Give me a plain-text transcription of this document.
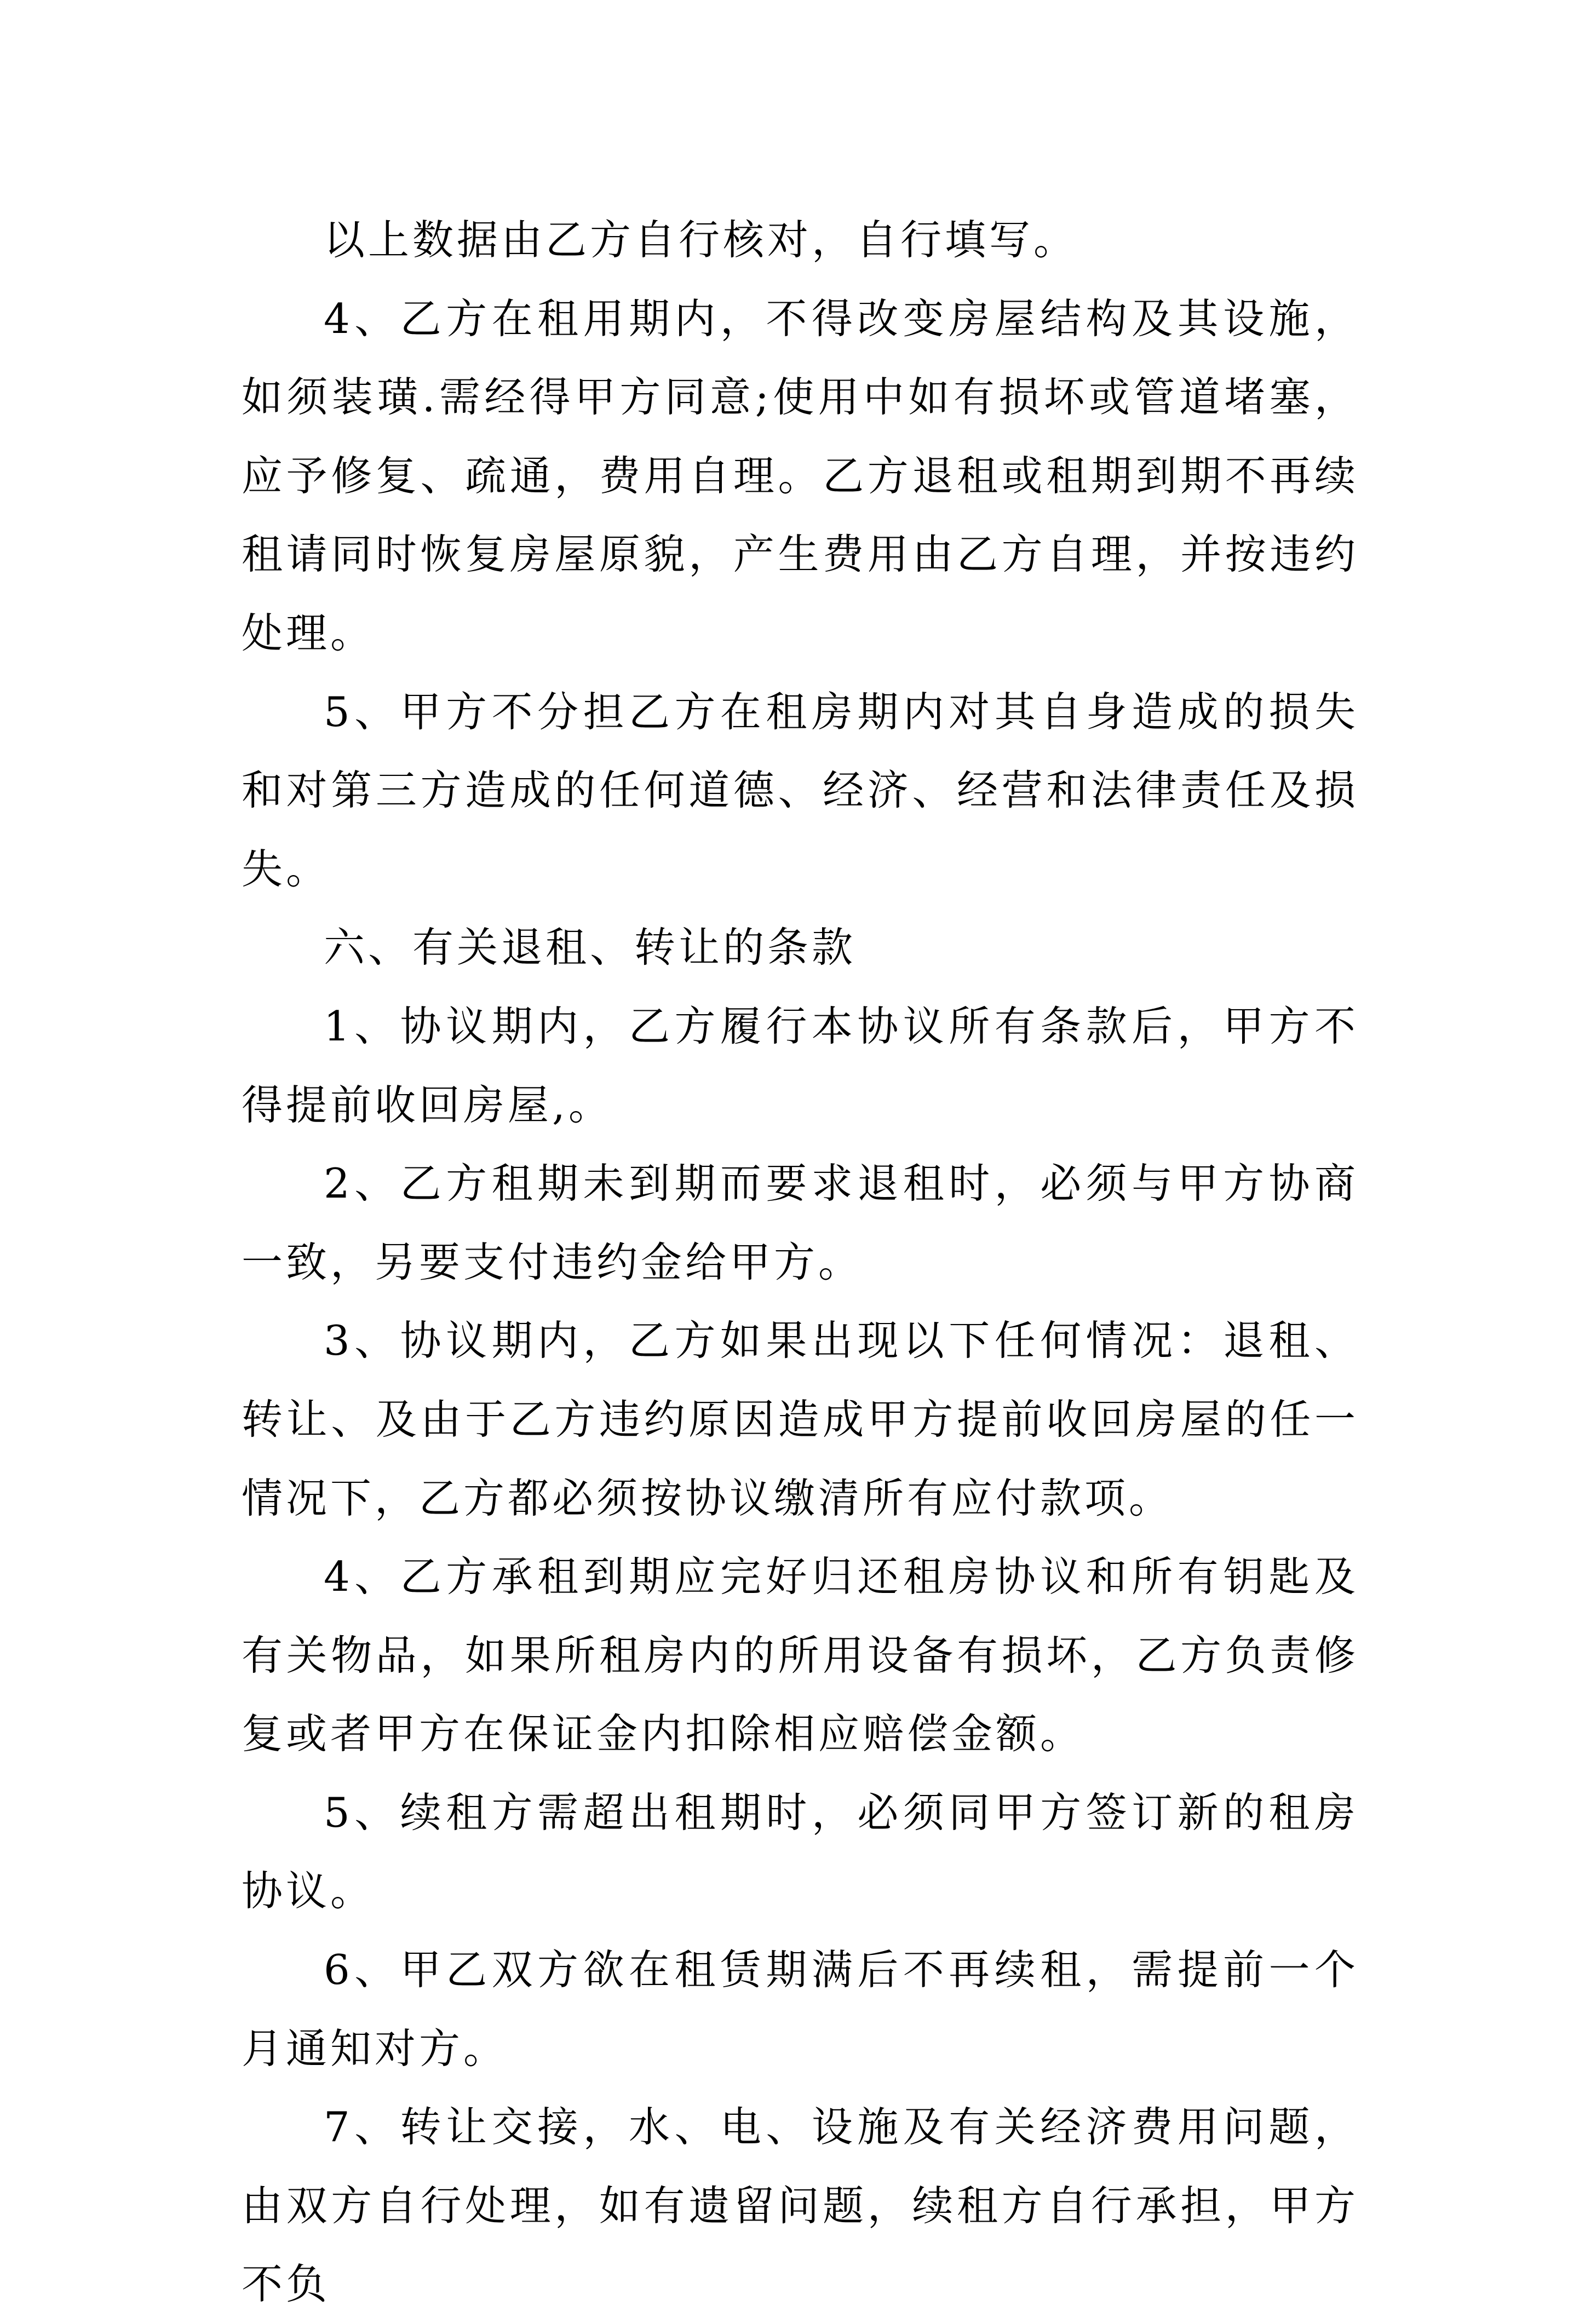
以上数据由乙方自行核对，自行填写。

4、乙方在租用期内，不得改变房屋结构及其设施，如须装璜.需经得甲方同意;使用中如有损坏或管道堵塞，应予修复、疏通，费用自理。乙方退租或租期到期不再续租请同时恢复房屋原貌，产生费用由乙方自理，并按违约处理。

5、甲方不分担乙方在租房期内对其自身造成的损失和对第三方造成的任何道德、经济、经营和法律责任及损失。

六、有关退租、转让的条款

1、协议期内，乙方履行本协议所有条款后，甲方不得提前收回房屋,。

2、乙方租期未到期而要求退租时，必须与甲方协商一致，另要支付违约金给甲方。

3、协议期内，乙方如果出现以下任何情况：退租、转让、及由于乙方违约原因造成甲方提前收回房屋的任一情况下，乙方都必须按协议缴清所有应付款项。

4、乙方承租到期应完好归还租房协议和所有钥匙及有关物品，如果所租房内的所用设备有损坏，乙方负责修复或者甲方在保证金内扣除相应赔偿金额。

5、续租方需超出租期时，必须同甲方签订新的租房协议。

6、甲乙双方欲在租赁期满后不再续租，需提前一个月通知对方。

7、转让交接，水、电、设施及有关经济费用问题，由双方自行处理，如有遗留问题，续租方自行承担，甲方不负
